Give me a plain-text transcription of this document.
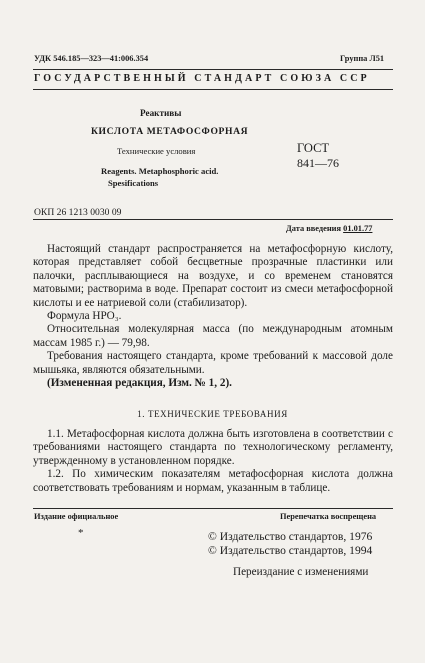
УДК 546.185—323—41:006.354	Группа Л51
ГОСУДАРСТВЕННЫЙ СТАНДАРТ СОЮЗА ССР
Реактивы
КИСЛОТА МЕТАФОСФОРНАЯ
Технические условия
Reagents. Metaphosphoric acid.
Spesifications
ГОСТ
841—76
ОКП 26 1213 0030 09
Дата введения 01.01.77

Настоящий стандарт распространяется на метафосфорную кислоту, которая представляет собой бесцветные прозрачные пластинки или палочки, расплывающиеся на воздухе, и со временем становятся матовыми; растворима в воде. Препарат состоит из смеси метафосфорной кислоты и ее натриевой соли (стабилизатор).

Формула HPO₃.

Относительная молекулярная масса (по международным атомным массам 1985 г.) — 79,98.

Требования настоящего стандарта, кроме требований к массовой доле мышьяка, являются обязательными.

(Измененная редакция, Изм. № 1, 2).

1. ТЕХНИЧЕСКИЕ ТРЕБОВАНИЯ

1.1. Метафосфорная кислота должна быть изготовлена в соответствии с требованиями настоящего стандарта по технологическому регламенту, утвержденному в установленном порядке.

1.2. По химическим показателям метафосфорная кислота должна соответствовать требованиям и нормам, указанным в таблице.

Издание официальное	Перепечатка воспрещена
*	© Издательство стандартов, 1976
© Издательство стандартов, 1994
Переиздание с изменениями
